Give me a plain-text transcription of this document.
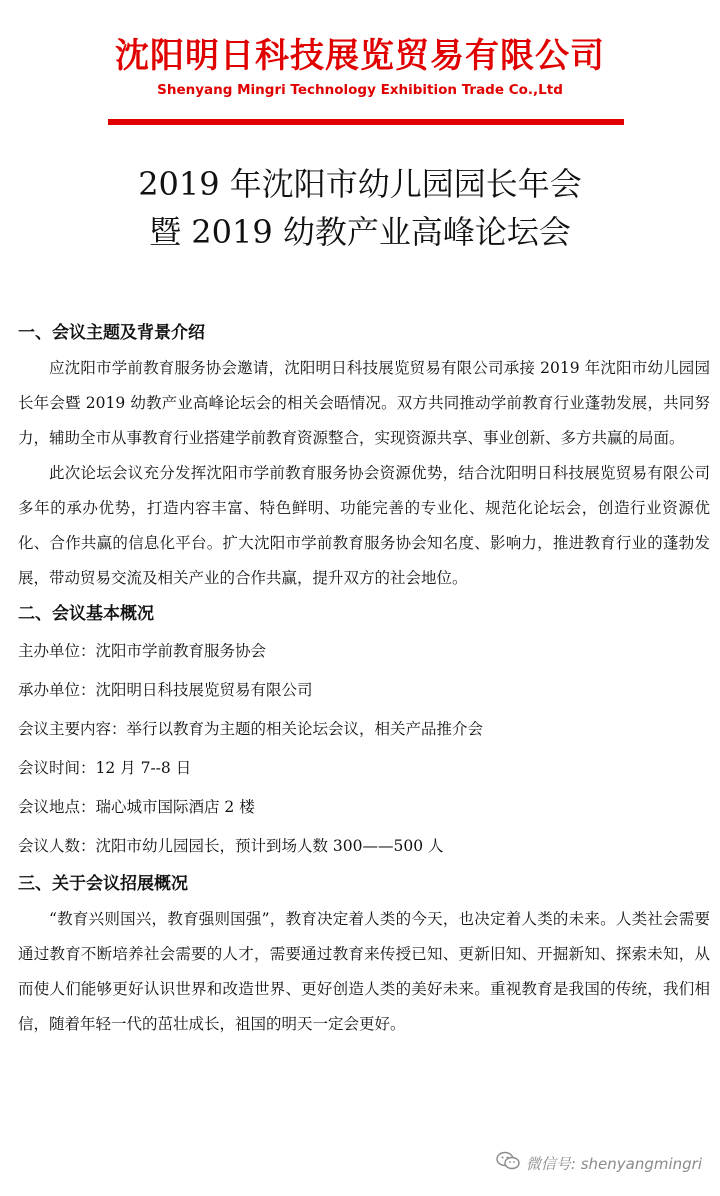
沈阳明日科技展览贸易有限公司
Shenyang Mingri Technology Exhibition Trade Co.,Ltd
2019 年沈阳市幼儿园园长年会
暨 2019 幼教产业高峰论坛会
一、会议主题及背景介绍

应沈阳市学前教育服务协会邀请，沈阳明日科技展览贸易有限公司承接 2019 年沈阳市幼儿园园长年会暨 2019 幼教产业高峰论坛会的相关会晤情况。双方共同推动学前教育行业蓬勃发展，共同努力，辅助全市从事教育行业搭建学前教育资源整合，实现资源共享、事业创新、多方共赢的局面。

此次论坛会议充分发挥沈阳市学前教育服务协会资源优势，结合沈阳明日科技展览贸易有限公司多年的承办优势，打造内容丰富、特色鲜明、功能完善的专业化、规范化论坛会，创造行业资源优化、合作共赢的信息化平台。扩大沈阳市学前教育服务协会知名度、影响力，推进教育行业的蓬勃发展，带动贸易交流及相关产业的合作共赢，提升双方的社会地位。

二、会议基本概况
主办单位：沈阳市学前教育服务协会
承办单位：沈阳明日科技展览贸易有限公司
会议主要内容：举行以教育为主题的相关论坛会议，相关产品推介会
会议时间：12 月 7--8 日
会议地点：瑞心城市国际酒店 2 楼
会议人数：沈阳市幼儿园园长，预计到场人数 300——500 人
三、关于会议招展概况

“教育兴则国兴，教育强则国强”，教育决定着人类的今天，也决定着人类的未来。人类社会需要通过教育不断培养社会需要的人才，需要通过教育来传授已知、更新旧知、开掘新知、探索未知，从而使人们能够更好认识世界和改造世界、更好创造人类的美好未来。重视教育是我国的传统，我们相信，随着年轻一代的茁壮成长，祖国的明天一定会更好。

微信号: shenyangmingri
